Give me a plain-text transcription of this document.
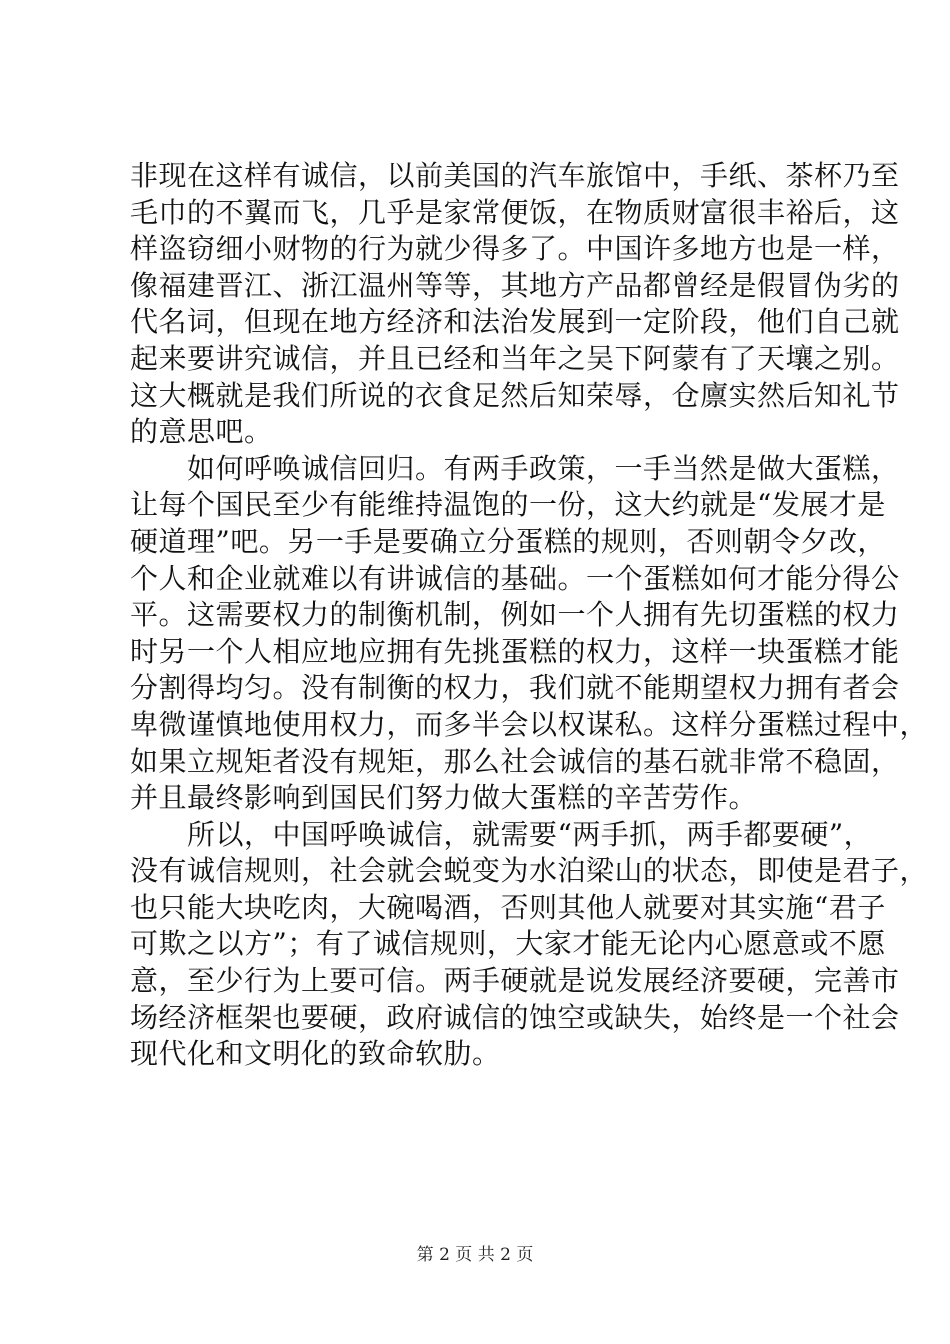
非现在这样有诚信，以前美国的汽车旅馆中，手纸、茶杯乃至
毛巾的不翼而飞，几乎是家常便饭，在物质财富很丰裕后，这
样盗窃细小财物的行为就少得多了。中国许多地方也是一样，
像福建晋江、浙江温州等等，其地方产品都曾经是假冒伪劣的
代名词，但现在地方经济和法治发展到一定阶段，他们自己就
起来要讲究诚信，并且已经和当年之吴下阿蒙有了天壤之别。
这大概就是我们所说的衣食足然后知荣辱，仓廪实然后知礼节
的意思吧。
　　如何呼唤诚信回归。有两手政策，一手当然是做大蛋糕，
让每个国民至少有能维持温饱的一份，这大约就是“发展才是
硬道理”吧。另一手是要确立分蛋糕的规则，否则朝令夕改，
个人和企业就难以有讲诚信的基础。一个蛋糕如何才能分得公
平。这需要权力的制衡机制，例如一个人拥有先切蛋糕的权力
时另一个人相应地应拥有先挑蛋糕的权力，这样一块蛋糕才能
分割得均匀。没有制衡的权力，我们就不能期望权力拥有者会
卑微谨慎地使用权力，而多半会以权谋私。这样分蛋糕过程中，
如果立规矩者没有规矩，那么社会诚信的基石就非常不稳固，
并且最终影响到国民们努力做大蛋糕的辛苦劳作。
　　所以，中国呼唤诚信，就需要“两手抓，两手都要硬”，
没有诚信规则，社会就会蜕变为水泊梁山的状态，即使是君子，
也只能大块吃肉，大碗喝酒，否则其他人就要对其实施“君子
可欺之以方”；有了诚信规则，大家才能无论内心愿意或不愿
意，至少行为上要可信。两手硬就是说发展经济要硬，完善市
场经济框架也要硬，政府诚信的蚀空或缺失，始终是一个社会
现代化和文明化的致命软肋。
第 2 页 共 2 页
